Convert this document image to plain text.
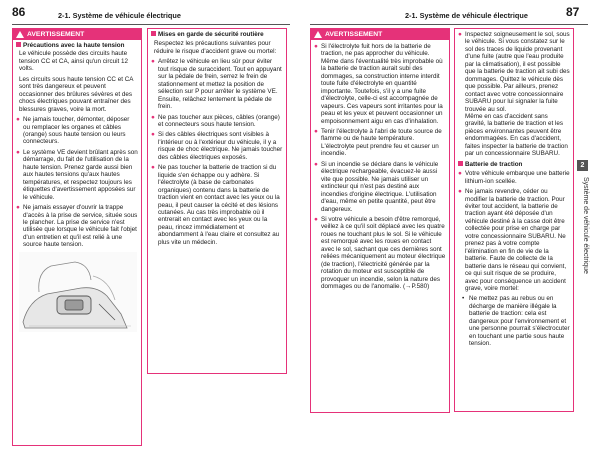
86	2-1. Système de véhicule électrique	2-1. Système de véhicule électrique	87
AVERTISSEMENT

Précautions avec la haute tension

Le véhicule possède des circuits haute tension CC et CA, ainsi qu'un circuit 12 volts.

Les circuits sous haute tension CC et CA sont très dangereux et peuvent occasionner des brûlures sévères et des chocs électriques pouvant entraîner des blessures graves, voire la mort.

● Ne jamais toucher, démonter, déposer ou remplacer les organes et câbles (orange) sous haute tension ou leurs connecteurs.

● Le système VE devient brûlant après son démarrage, du fait de l'utilisation de la haute tension. Prenez garde aussi bien aux hautes tensions qu'aux hautes températures, et respectez toujours les étiquettes d'avertissement apposées sur le véhicule.

● Ne jamais essayer d'ouvrir la trappe d'accès à la prise de service, située sous le plancher. La prise de service n'est utilisée que lorsque le véhicule fait l'objet d'un entretien et qu'il est relié à une source haute tension.

Mises en garde de sécurité routière

Respectez les précautions suivantes pour réduire le risque d'accident grave ou mortel:

● Arrêtez le véhicule en lieu sûr pour éviter tout risque de suraccident. Tout en appuyant sur la pédale de frein, serrez le frein de stationnement et mettez la position de sélection sur P pour arrêter le système VE. Ensuite, relâchez lentement la pédale de frein.

● Ne pas toucher aux pièces, câbles (orange) et connecteurs sous haute tension.

● Si des câbles électriques sont visibles à l'intérieur ou à l'extérieur du véhicule, il y a risque de choc électrique. Ne jamais toucher des câbles électriques exposés.

● Ne pas toucher la batterie de traction si du liquide s'en échappe ou y adhère. Si l'électrolyte (à base de carbonates organiques) contenu dans la batterie de traction vient en contact avec les yeux ou la peau, il peut causer la cécité et des lésions cutanées. Au cas très improbable où il entrerait en contact avec les yeux ou la peau, rincez immédiatement et abondamment à l'eau claire et consultez au plus vite un médecin.

AVERTISSEMENT

● Si l'électrolyte fuit hors de la batterie de traction, ne pas approcher du véhicule. Même dans l'éventualité très improbable où la batterie de traction aurait subi des dommages, sa construction interne interdit toute fuite d'électrolyte en quantité importante. Toutefois, s'il y a une fuite d'électrolyte, celle-ci est accompagnée de vapeurs. Ces vapeurs sont irritantes pour la peau et les yeux et peuvent occasionner un empoisonnement aigu en cas d'inhalation.

● Tenir l'électrolyte à l'abri de toute source de flamme ou de haute température. L'électrolyte peut prendre feu et causer un incendie.

● Si un incendie se déclare dans le véhicule électrique rechargeable, évacuez-le aussi vite que possible. Ne jamais utiliser un extincteur qui n'est pas destiné aux incendies d'origine électrique. L'utilisation d'eau, même en petite quantité, peut être dangereux.

● Si votre véhicule a besoin d'être remorqué, veillez à ce qu'il soit déplacé avec les quatre roues ne touchant plus le sol. Si le véhicule est remorqué avec les roues en contact avec le sol, sachant que ces dernières sont reliées mécaniquement au moteur électrique (de traction), l'électricité générée par la rotation du moteur est susceptible de provoquer un incendie, selon la nature des dommages ou de l'anomalie. (→P.580)

● Inspectez soigneusement le sol, sous le véhicule. Si vous constatez sur le sol des traces de liquide provenant d'une fuite (autre que l'eau produite par la climatisation), il est possible que la batterie de traction ait subi des dommages. Quittez le véhicule dès que possible. Par ailleurs, prenez contact avec votre concessionnaire SUBARU pour lui signaler la fuite trouvée au sol.

Même en cas d'accident sans gravité, la batterie de traction et les pièces environnantes peuvent être endommagées. En cas d'accident, faites inspecter la batterie de traction par un concessionnaire SUBARU.

Batterie de traction

● Votre véhicule embarque une batterie lithium-ion scellée.

● Ne jamais revendre, céder ou modifier la batterie de traction. Pour éviter tout accident, la batterie de traction ayant été déposée d'un véhicule destiné à la casse doit être collectée pour prise en charge par votre concessionnaire SUBARU. Ne prenez pas à votre compte l'élimination en fin de vie de la batterie. Faute de collecte de la batterie dans le réseau qui convient, ce qui suit risque de se produire, avec pour conséquence un accident grave, voire mortel:

• Ne mettez pas au rebus ou en décharge de manière illégale la batterie de traction: cela est dangereux pour l'environnement et une personne pourrait s'électrocuter en touchant une partie sous haute tension.

2
Système de véhicule électrique
